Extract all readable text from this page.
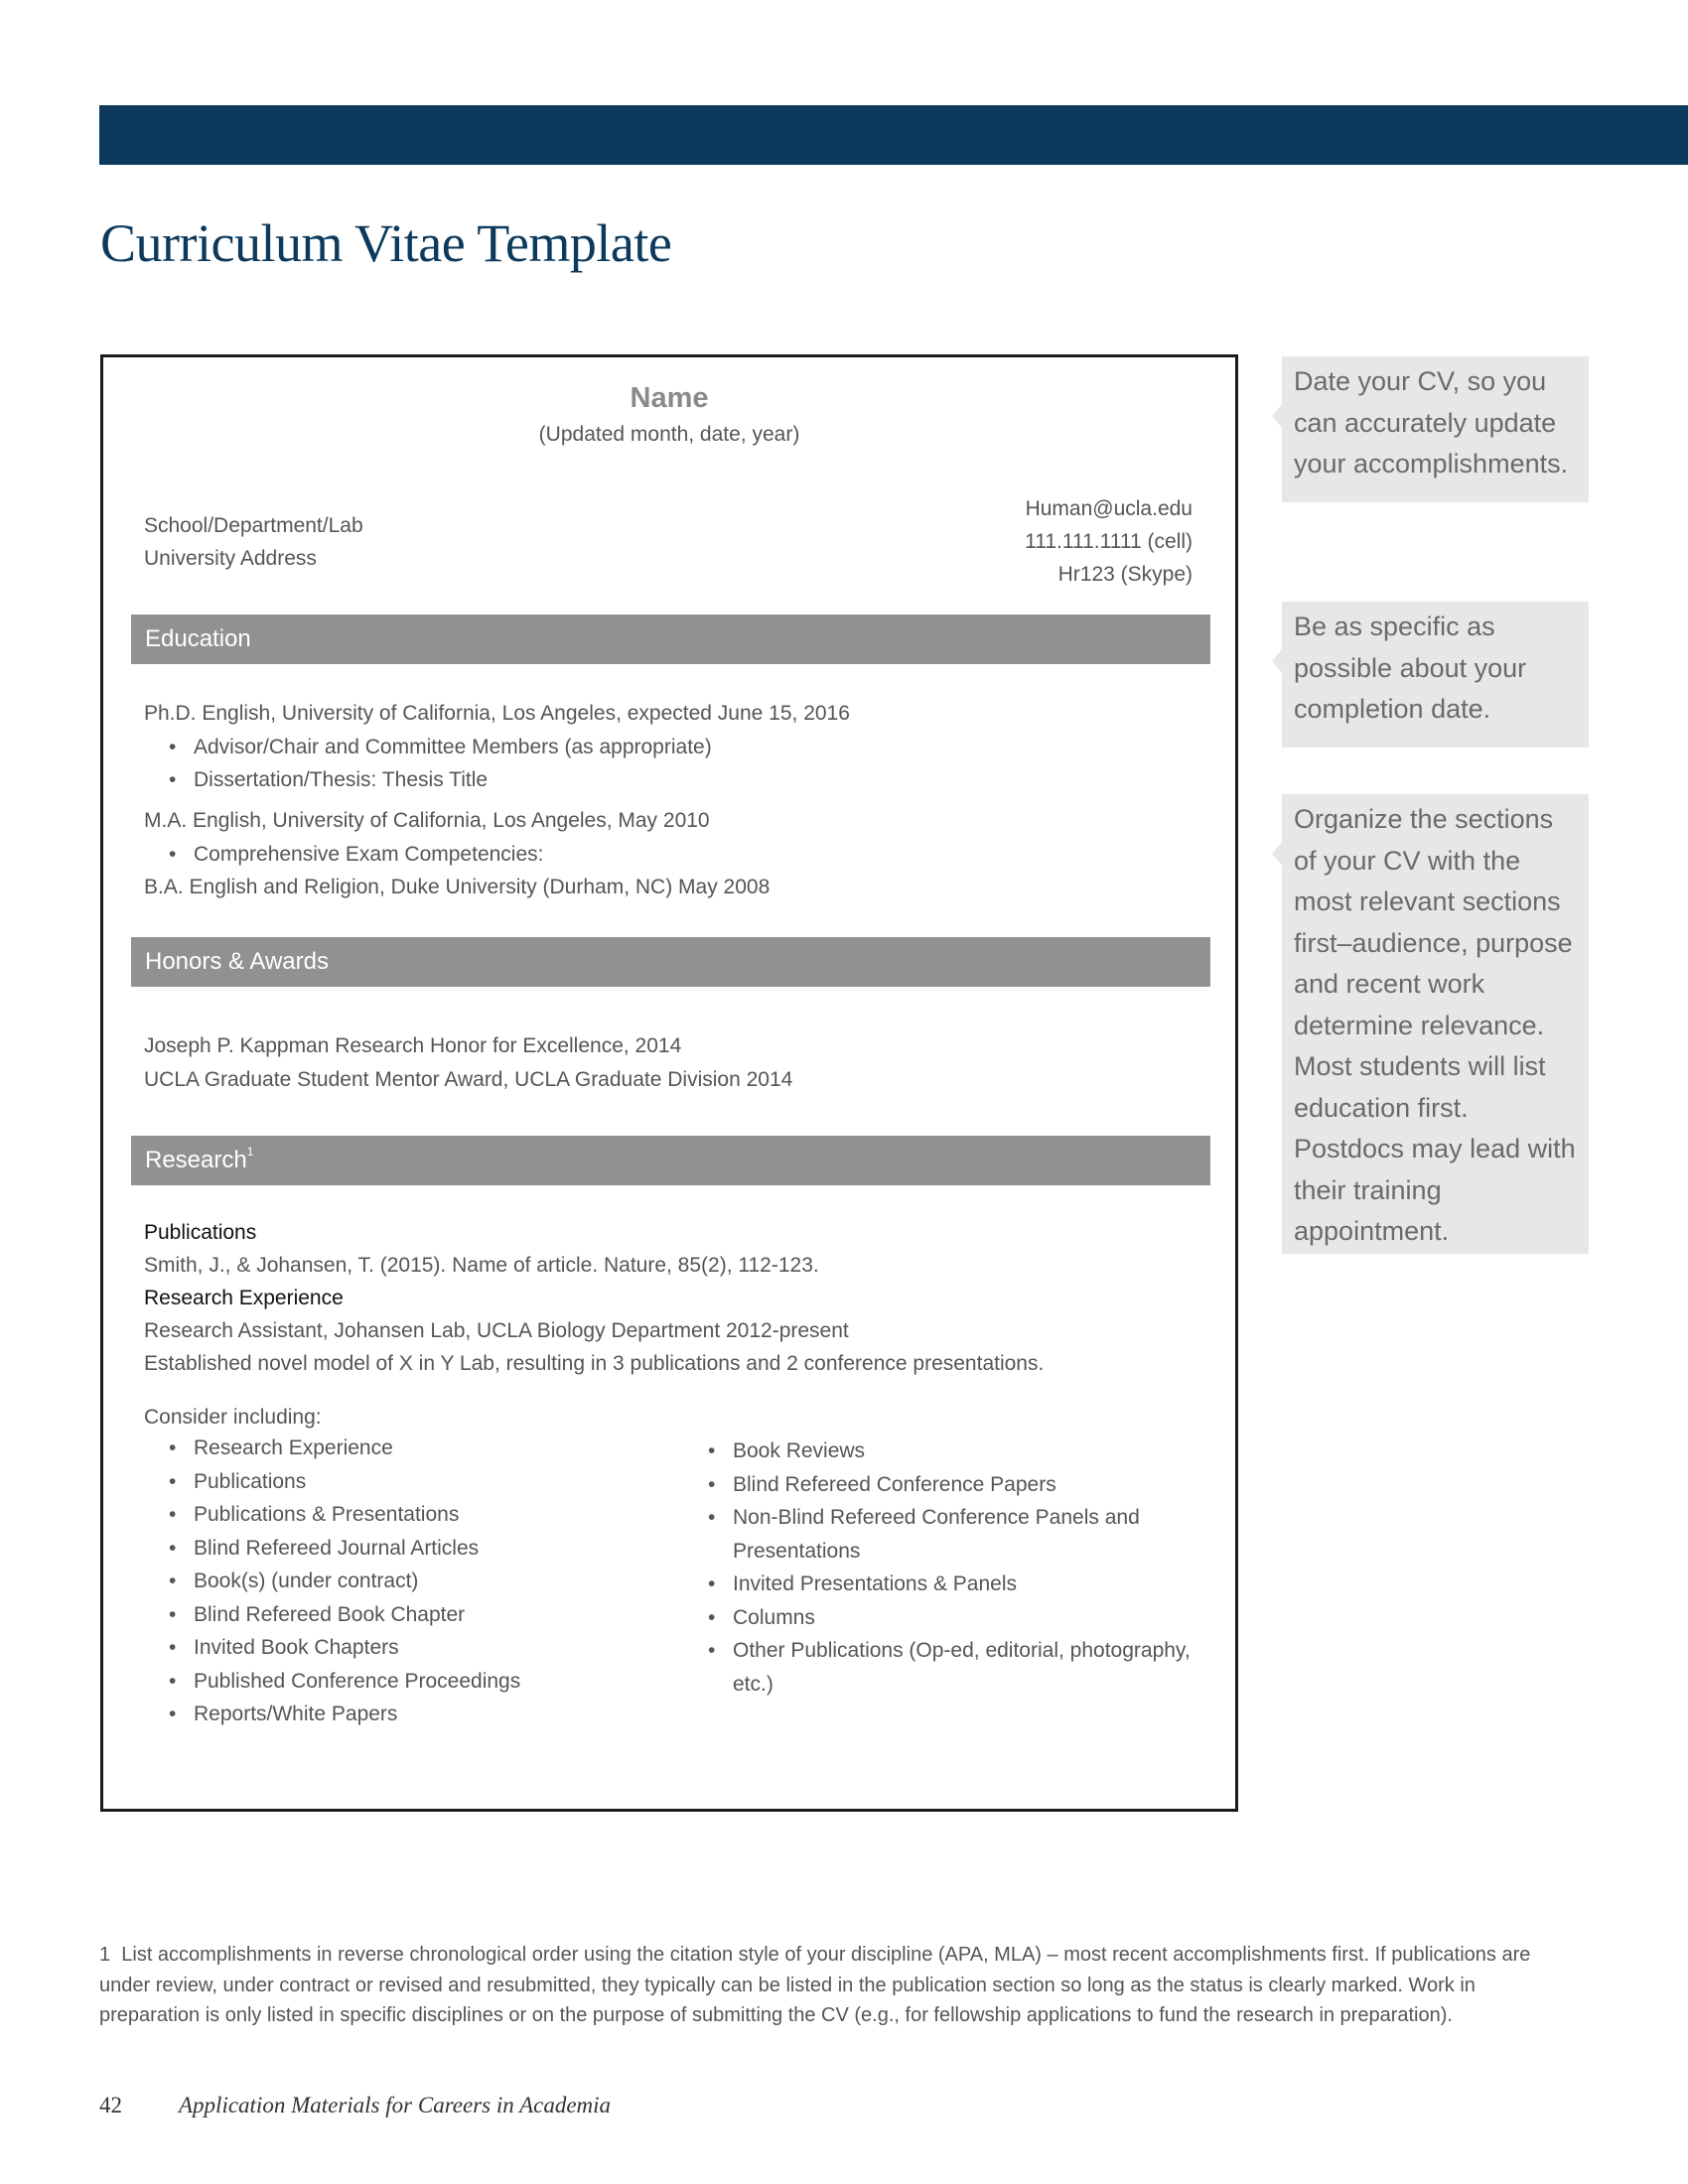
Curriculum Vitae Template
Name
(Updated month, date, year)
School/Department/Lab
University Address
Human@ucla.edu
111.111.1111 (cell)
Hr123 (Skype)
Education
Ph.D. English, University of California, Los Angeles, expected June 15, 2016
• Advisor/Chair and Committee Members (as appropriate)
• Dissertation/Thesis: Thesis Title
M.A. English, University of California, Los Angeles, May 2010
• Comprehensive Exam Competencies:
B.A. English and Religion, Duke University (Durham, NC) May 2008
Honors & Awards
Joseph P. Kappman Research Honor for Excellence, 2014
UCLA Graduate Student Mentor Award, UCLA Graduate Division 2014
Research$^1$
Publications
Smith, J., & Johansen, T. (2015). Name of article. Nature, 85(2), 112-123.
Research Experience
Research Assistant, Johansen Lab, UCLA Biology Department 2012-present
Established novel model of X in Y Lab, resulting in 3 publications and 2 conference presentations.
Consider including:
• Research Experience
• Publications
• Publications & Presentations
• Blind Refereed Journal Articles
• Book(s) (under contract)
• Blind Refereed Book Chapter
• Invited Book Chapters
• Published Conference Proceedings
• Reports/White Papers
• Book Reviews
• Blind Refereed Conference Papers
• Non-Blind Refereed Conference Panels and Presentations
• Invited Presentations & Panels
• Columns
• Other Publications (Op-ed, editorial, photography, etc.)
Date your CV, so you can accurately update your accomplishments.
Be as specific as possible about your completion date.
Organize the sections of your CV with the most relevant sections first–audience, purpose and recent work determine relevance. Most students will list education first. Postdocs may lead with their training appointment.
1 List accomplishments in reverse chronological order using the citation style of your discipline (APA, MLA) – most recent accomplishments first. If publications are under review, under contract or revised and resubmitted, they typically can be listed in the publication section so long as the status is clearly marked. Work in preparation is only listed in specific disciplines or on the purpose of submitting the CV (e.g., for fellowship applications to fund the research in preparation).
42 Application Materials for Careers in Academia
